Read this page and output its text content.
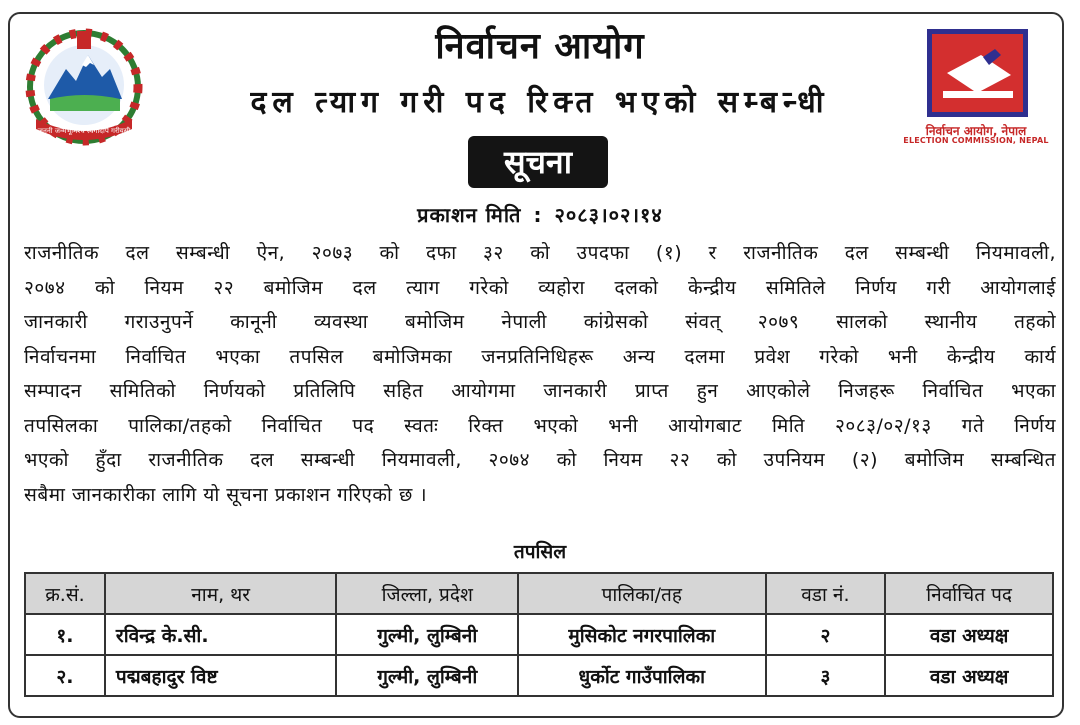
जननी जन्मभूमिश्च स्वर्गादपि गरीयसी	निर्वाचन आयोग, नेपाल
ELECTION COMMISSION, NEPAL
निर्वाचन आयोग
दल त्याग गरी पद रिक्त भएको सम्बन्धी
सूचना
प्रकाशन मिति : २०८३।०२।१४
राजनीतिक दल सम्बन्धी ऐन, २०७३ को दफा ३२ को उपदफा (१) र राजनीतिक दल सम्बन्धी नियमावली,
२०७४ को नियम २२ बमोजिम दल त्याग गरेको व्यहोरा दलको केन्द्रीय समितिले निर्णय गरी आयोगलाई
जानकारी गराउनुपर्ने कानूनी व्यवस्था बमोजिम नेपाली कांग्रेसको संवत् २०७९ सालको स्थानीय तहको
निर्वाचनमा निर्वाचित भएका तपसिल बमोजिमका जनप्रतिनिधिहरू अन्य दलमा प्रवेश गरेको भनी केन्द्रीय कार्य
सम्पादन समितिको निर्णयको प्रतिलिपि सहित आयोगमा जानकारी प्राप्त हुन आएकोले निजहरू निर्वाचित भएका
तपसिलका पालिका/तहको निर्वाचित पद स्वतः रिक्त भएको भनी आयोगबाट मिति २०८३/०२/१३ गते निर्णय
भएको हुँदा राजनीतिक दल सम्बन्धी नियमावली, २०७४ को नियम २२ को उपनियम (२) बमोजिम सम्बन्धित
सबैमा जानकारीका लागि यो सूचना प्रकाशन गरिएको छ ।
तपसिल
क्र.सं.	नाम, थर	जिल्ला, प्रदेश	पालिका/तह	वडा नं.	निर्वाचित पद
१.	रविन्द्र के.सी.	गुल्मी, लुम्बिनी	मुसिकोट नगरपालिका	२	वडा अध्यक्ष
२.	पद्मबहादुर विष्ट	गुल्मी, लुम्बिनी	धुर्कोट गाउँपालिका	३	वडा अध्यक्ष
